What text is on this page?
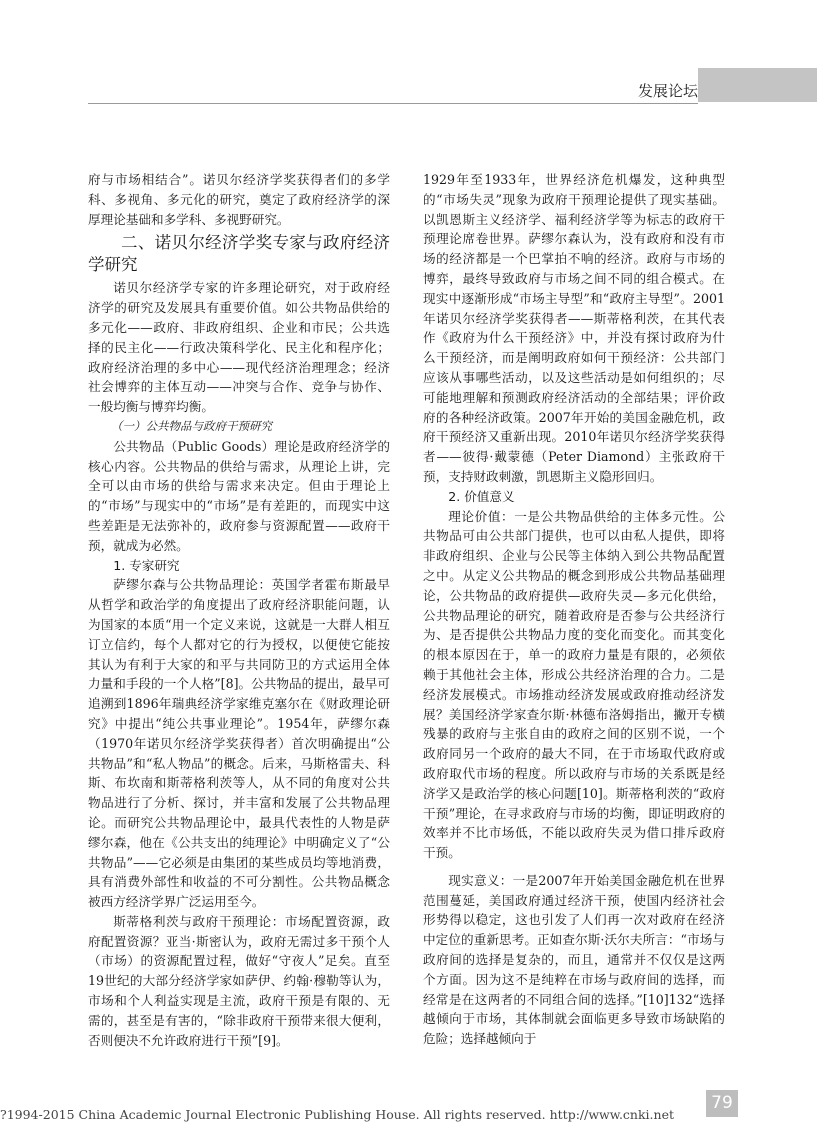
发展论坛

府与市场相结合”。诺贝尔经济学奖获得者们的多学科、多视角、多元化的研究，奠定了政府经济学的深厚理论基础和多学科、多视野研究。

二、诺贝尔经济学奖专家与政府经济学研究

诺贝尔经济学专家的许多理论研究，对于政府经济学的研究及发展具有重要价值。如公共物品供给的多元化——政府、非政府组织、企业和市民；公共选择的民主化——行政决策科学化、民主化和程序化；政府经济治理的多中心——现代经济治理理念；经济社会博弈的主体互动——冲突与合作、竞争与协作、一般均衡与博弈均衡。

（一）公共物品与政府干预研究

公共物品（Public Goods）理论是政府经济学的核心内容。公共物品的供给与需求，从理论上讲，完全可以由市场的供给与需求来决定。但由于理论上的“市场”与现实中的“市场”是有差距的，而现实中这些差距是无法弥补的，政府参与资源配置——政府干预，就成为必然。

1. 专家研究

萨缪尔森与公共物品理论：英国学者霍布斯最早从哲学和政治学的角度提出了政府经济职能问题，认为国家的本质“用一个定义来说，这就是一大群人相互订立信约，每个人都对它的行为授权，以便使它能按其认为有利于大家的和平与共同防卫的方式运用全体力量和手段的一个人格”[8]。公共物品的提出，最早可追溯到1896年瑞典经济学家维克塞尔在《财政理论研究》中提出“纯公共事业理论”。1954年，萨缪尔森（1970年诺贝尔经济学奖获得者）首次明确提出“公共物品”和“私人物品”的概念。后来，马斯格雷夫、科斯、布坎南和斯蒂格利茨等人，从不同的角度对公共物品进行了分析、探讨，并丰富和发展了公共物品理论。而研究公共物品理论中，最具代表性的人物是萨缪尔森，他在《公共支出的纯理论》中明确定义了“公共物品”——它必须是由集团的某些成员均等地消费，具有消费外部性和收益的不可分割性。公共物品概念被西方经济学界广泛运用至今。

斯蒂格利茨与政府干预理论：市场配置资源，政府配置资源？亚当·斯密认为，政府无需过多干预个人（市场）的资源配置过程，做好“守夜人”足矣。直至19世纪的大部分经济学家如萨伊、约翰·穆勒等认为，市场和个人利益实现是主流，政府干预是有限的、无需的，甚至是有害的，“除非政府干预带来很大便利，否则便决不允许政府进行干预”[9]。

1929年至1933年，世界经济危机爆发，这种典型的“市场失灵”现象为政府干预理论提供了现实基础。以凯恩斯主义经济学、福利经济学等为标志的政府干预理论席卷世界。萨缪尔森认为，没有政府和没有市场的经济都是一个巴掌拍不响的经济。政府与市场的博弈，最终导致政府与市场之间不同的组合模式。在现实中逐渐形成“市场主导型”和“政府主导型”。2001年诺贝尔经济学奖获得者——斯蒂格利茨，在其代表作《政府为什么干预经济》中，并没有探讨政府为什么干预经济，而是阐明政府如何干预经济：公共部门应该从事哪些活动，以及这些活动是如何组织的；尽可能地理解和预测政府经济活动的全部结果；评价政府的各种经济政策。2007年开始的美国金融危机，政府干预经济又重新出现。2010年诺贝尔经济学奖获得者——彼得·戴蒙德（Peter Diamond）主张政府干预，支持财政刺激，凯恩斯主义隐形回归。

2. 价值意义

理论价值：一是公共物品供给的主体多元性。公共物品可由公共部门提供，也可以由私人提供，即将非政府组织、企业与公民等主体纳入到公共物品配置之中。从定义公共物品的概念到形成公共物品基础理论，公共物品的政府提供—政府失灵—多元化供给，公共物品理论的研究，随着政府是否参与公共经济行为、是否提供公共物品力度的变化而变化。而其变化的根本原因在于，单一的政府力量是有限的，必须依赖于其他社会主体，形成公共经济治理的合力。二是经济发展模式。市场推动经济发展或政府推动经济发展？美国经济学家查尔斯·林德布洛姆指出，撇开专横残暴的政府与主张自由的政府之间的区别不说，一个政府同另一个政府的最大不同，在于市场取代政府或政府取代市场的程度。所以政府与市场的关系既是经济学又是政治学的核心问题[10]。斯蒂格利茨的“政府干预”理论，在寻求政府与市场的均衡，即证明政府的效率并不比市场低，不能以政府失灵为借口排斥政府干预。

现实意义：一是2007年开始美国金融危机在世界范围蔓延，美国政府通过经济干预，使国内经济社会形势得以稳定，这也引发了人们再一次对政府在经济中定位的重新思考。正如查尔斯·沃尔夫所言：“市场与政府间的选择是复杂的，而且，通常并不仅仅是这两个方面。因为这不是纯粹在市场与政府间的选择，而经常是在这两者的不同组合间的选择。”[10]132“选择越倾向于市场，其体制就会面临更多导致市场缺陷的危险；选择越倾向于

?1994-2015 China Academic Journal Electronic Publishing House. All rights reserved. http://www.cnki.net
79
